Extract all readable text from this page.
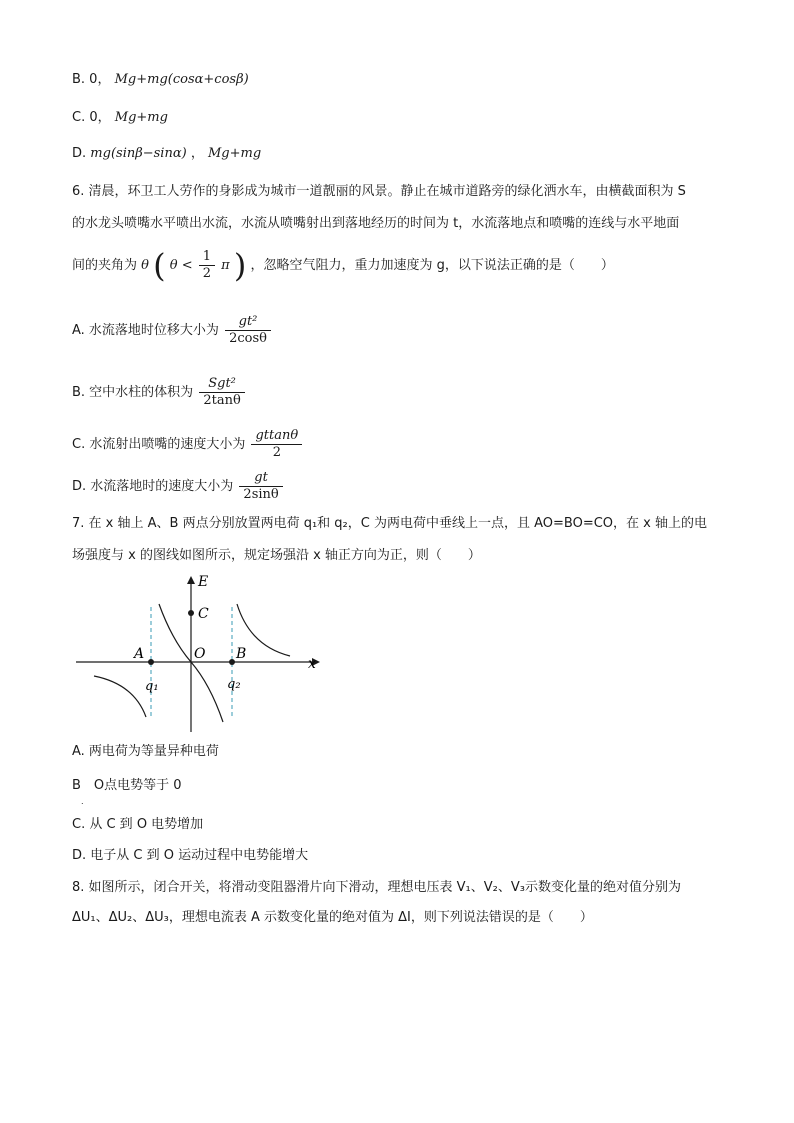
B. 0， Mg+mg(cosα+cosβ)
C. 0， Mg+mg
D. mg(sinβ−sinα) ， Mg+mg
6. 清晨，环卫工人劳作的身影成为城市一道靓丽的风景。静止在城市道路旁的绿化洒水车，由横截面积为 S
的水龙头喷嘴水平喷出水流，水流从喷嘴射出到落地经历的时间为 t，水流落地点和喷嘴的连线与水平地面
间的夹角为 θ ( $\theta < \frac{1}{2}$ π ) ，忽略空气阻力，重力加速度为 g，以下说法正确的是（　　）
A. 水流落地时位移大小为 $\frac{\text{gt²}}{2\cos\theta}$
B. 空中水柱的体积为 $\frac{\text{Sgt²}}{2\tan\theta}$
C. 水流射出喷嘴的速度大小为 $\frac{gttan\theta}{2}$
D. 水流落地时的速度大小为 $\frac{gt}{2\sin\theta}$
7. 在 x 轴上 A、B 两点分别放置两电荷 q₁和 q₂，C 为两电荷中垂线上一点，且 AO=BO=CO，在 x 轴上的电
场强度与 x 的图线如图所示，规定场强沿 x 轴正方向为正，则（　　）
E
x
C
O
A	B
q₁	q₂
A. 两电荷为等量异种电荷
B　O点电势等于 0
.
C. 从 C 到 O 电势增加
D. 电子从 C 到 O 运动过程中电势能增大
8. 如图所示，闭合开关，将滑动变阻器滑片向下滑动，理想电压表 V₁、V₂、V₃示数变化量的绝对值分别为
ΔU₁、ΔU₂、ΔU₃，理想电流表 A 示数变化量的绝对值为 ΔI，则下列说法错误的是（　　）
